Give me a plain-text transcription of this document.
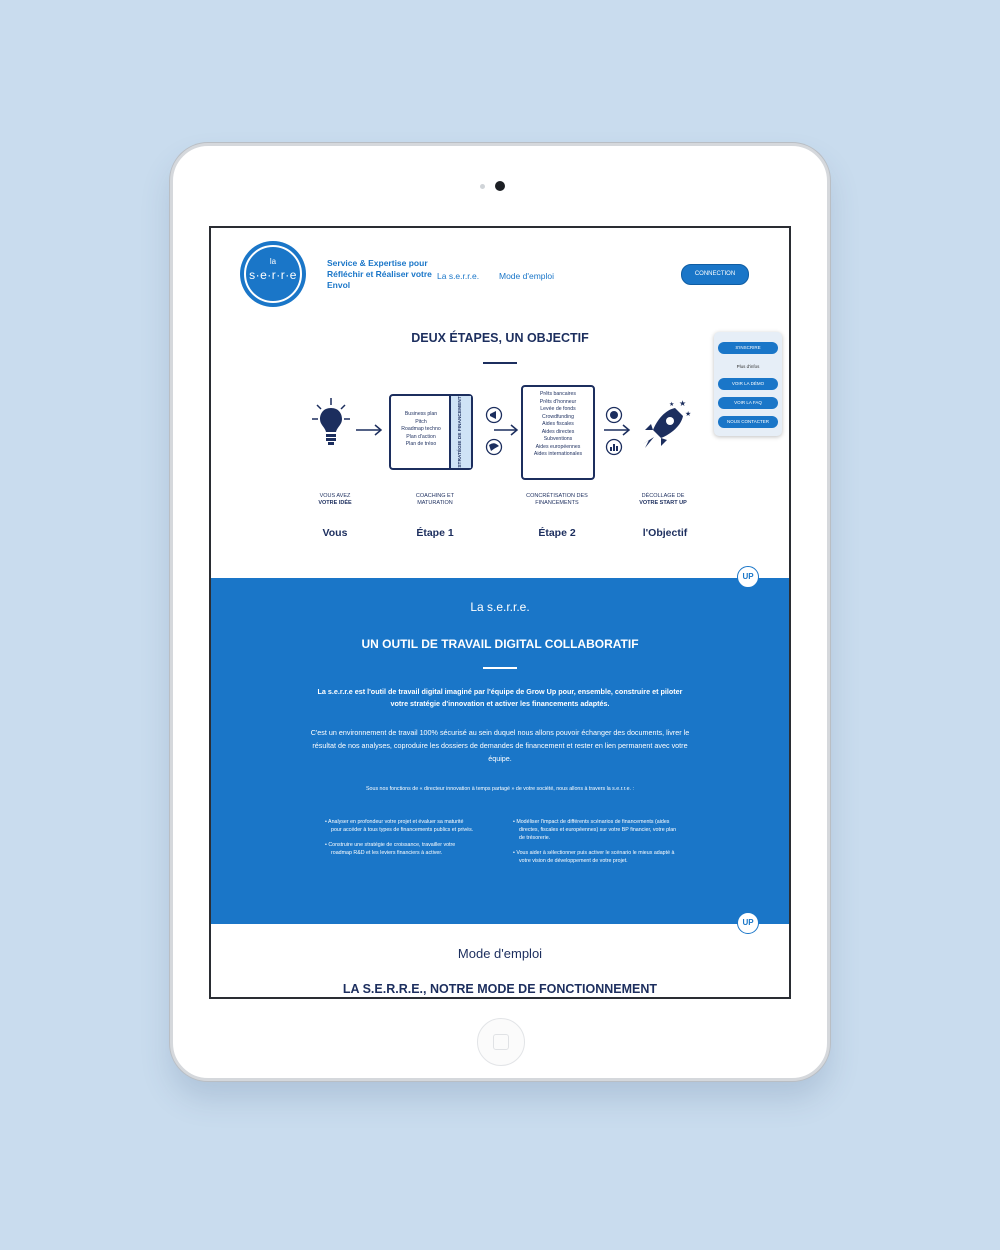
la
s·e·r·r·e
Service & Expertise pour Réfléchir et Réaliser votre Envol
La s.e.r.r.e. Mode d'emploi	CONNECTION
S'INSCRIRE
Plus d'infos
VOIR LA DÉMO
VOIR LA FAQ
NOUS CONTACTER
DEUX ÉTAPES, UN OBJECTIF
Business plan
Pitch
Roadmap techno
Plan d'action
Plan de tréso	STRATÉGIE DE FINANCEMENT
Prêts bancaires
Prêts d'honneur
Levée de fonds
Crowdfunding
Aides fiscales
Aides directes
Subventions
Aides européennes
Aides internationales
★
★
★
VOUS AVEZ
VOTRE IDÉE
COACHING ET
MATURATION
CONCRÉTISATION DES
FINANCEMENTS
DÉCOLLAGE DE
VOTRE START UP
Vous	Étape 1	Étape 2	l'Objectif
La s.e.r.r.e.
UN OUTIL DE TRAVAIL DIGITAL COLLABORATIF
La s.e.r.r.e est l'outil de travail digital imaginé par l'équipe de Grow Up pour, ensemble, construire et piloter votre stratégie d'innovation et activer les financements adaptés.
C'est un environnement de travail 100% sécurisé au sein duquel nous allons pouvoir échanger des documents, livrer le résultat de nos analyses, coproduire les dossiers de demandes de financement et rester en lien permanent avec votre équipe.
Sous nos fonctions de « directeur innovation à temps partagé » de votre société, nous allons à travers la s.e.r.r.e. :

• Analyser en profondeur votre projet et évaluer sa maturité pour accéder à tous types de financements publics et privés.

• Construire une stratégie de croissance, travailler votre roadmap R&D et les leviers financiers à activer.

• Modéliser l'impact de différents scénarios de financements (aides directes, fiscales et européennes) sur votre BP financier, votre plan de trésorerie.

• Vous aider à sélectionner puis activer le scénario le mieux adapté à votre vision de développement de votre projet.

UP
UP
Mode d'emploi
LA S.E.R.R.E., NOTRE MODE DE FONCTIONNEMENT
